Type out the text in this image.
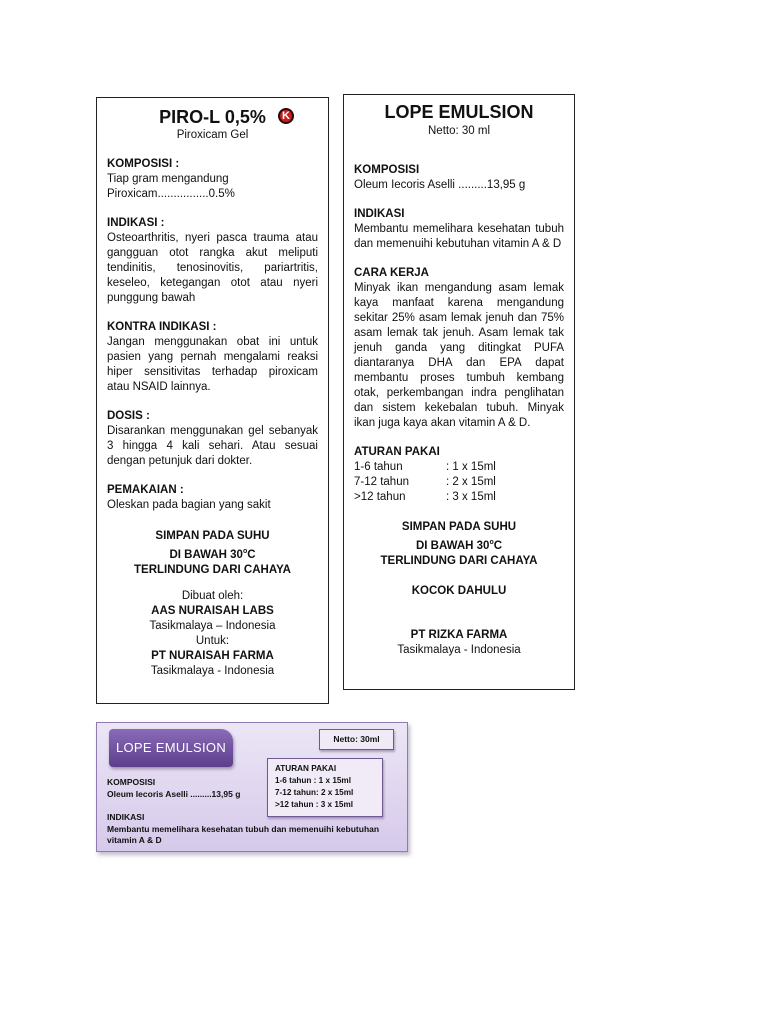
PIRO-L 0,5%	K
Piroxicam Gel
KOMPOSISI :
Tiap gram mengandung
Piroxicam................0.5%
INDIKASI :
Osteoarthritis, nyeri pasca trauma atau gangguan otot rangka akut meliputi tendinitis, tenosinovitis, pariartritis, keseleo, ketegangan otot atau nyeri punggung bawah
KONTRA INDIKASI :
Jangan menggunakan obat ini untuk pasien yang pernah mengalami reaksi hiper sensitivitas terhadap piroxicam atau NSAID lainnya.
DOSIS :
Disarankan menggunakan gel sebanyak 3 hingga 4 kali sehari. Atau sesuai dengan petunjuk dari dokter.
PEMAKAIAN :
Oleskan pada bagian yang sakit
SIMPAN PADA SUHU
DI BAWAH 30$^o$C
TERLINDUNG DARI CAHAYA
Dibuat oleh:
AAS NURAISAH LABS
Tasikmalaya – Indonesia
Untuk:
PT NURAISAH FARMA
Tasikmalaya - Indonesia
LOPE EMULSION
Netto: 30 ml
KOMPOSISI
Oleum Iecoris Aselli .........13,95 g
INDIKASI
Membantu memelihara kesehatan tubuh dan memenuihi kebutuhan vitamin A & D
CARA KERJA
Minyak ikan mengandung asam lemak kaya manfaat karena mengandung sekitar 25% asam lemak jenuh dan 75% asam lemak tak jenuh. Asam lemak tak jenuh ganda yang ditingkat PUFA diantaranya DHA dan EPA dapat membantu proses tumbuh kembang otak, perkembangan indra penglihatan dan sistem kekebalan tubuh. Minyak ikan juga kaya akan vitamin A & D.
ATURAN PAKAI
1-6 tahun	: 1 x 15ml
7-12 tahun	: 2 x 15ml
>12 tahun	: 3 x 15ml
SIMPAN PADA SUHU
DI BAWAH 30$^o$C
TERLINDUNG DARI CAHAYA
KOCOK DAHULU
PT RIZKA FARMA
Tasikmalaya - Indonesia
LOPE EMULSION
Netto: 30ml
ATURAN PAKAI
1-6 tahun : 1 x 15ml
7-12 tahun: 2 x 15ml
>12 tahun : 3 x 15ml
KOMPOSISI
Oleum Iecoris Aselli .........13,95 g
INDIKASI
Membantu memelihara kesehatan tubuh dan memenuihi kebutuhan vitamin A & D
